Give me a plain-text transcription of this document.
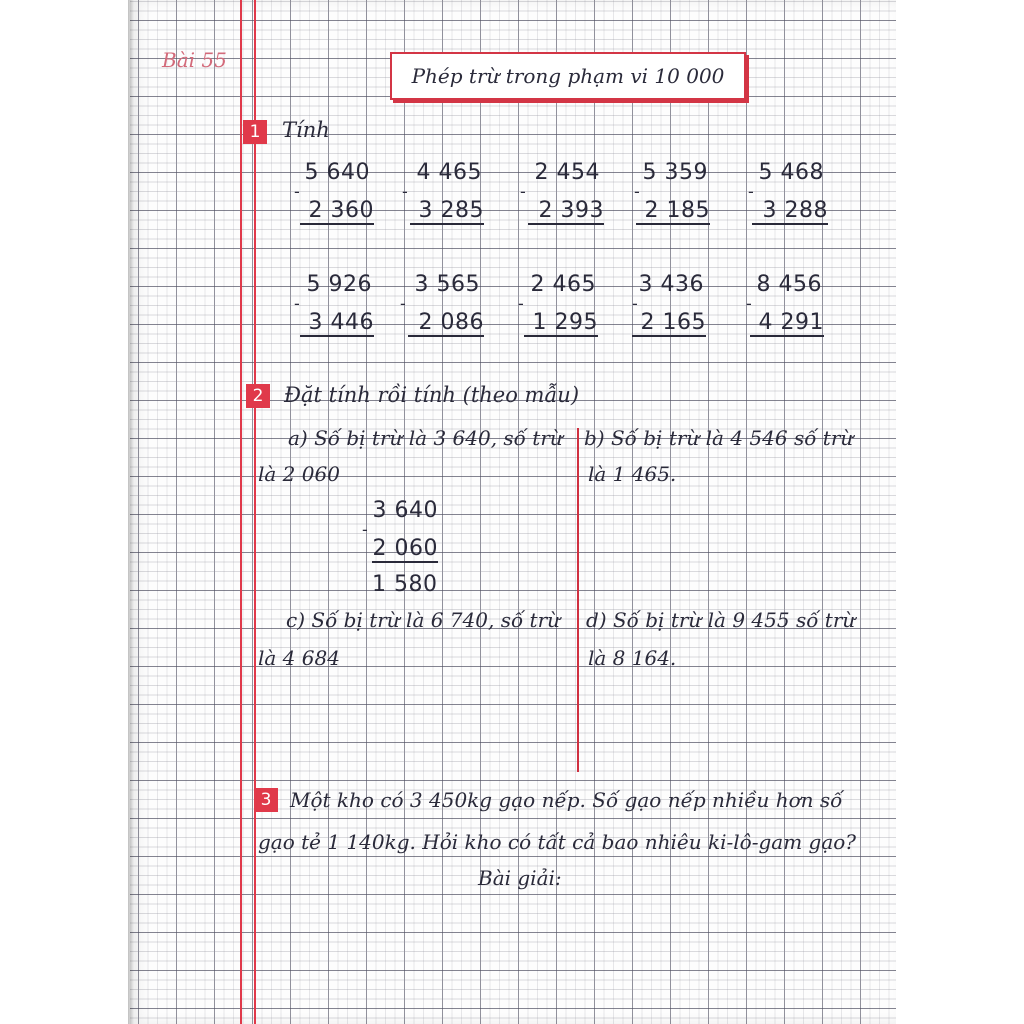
Bài 55
Phép trừ trong phạm vi 10 000
1	Tính
-
5 640
2 360
-
4 465
3 285
-
2 454
2 393
-
5 359
2 185
-
5 468
3 288
-
5 926
3 446
-
3 565
2 086
-
2 465
1 295
-
3 436
2 165
-
8 456
4 291
2 Đặt tính rồi tính (theo mẫu)
a) Số bị trừ là 3 640, số trừ
là 2 060
b) Số bị trừ là 4 546 số trừ
là 1 465.
-
3 640
2 060
1 580
c) Số bị trừ là 6 740, số trừ
là 4 684
d) Số bị trừ là 9 455 số trừ
là 8 164.
3 Một kho có 3 450kg gạo nếp. Số gạo nếp nhiều hơn số
gạo tẻ 1 140kg. Hỏi kho có tất cả bao nhiêu ki-lô-gam gạo?
Bài giải:
